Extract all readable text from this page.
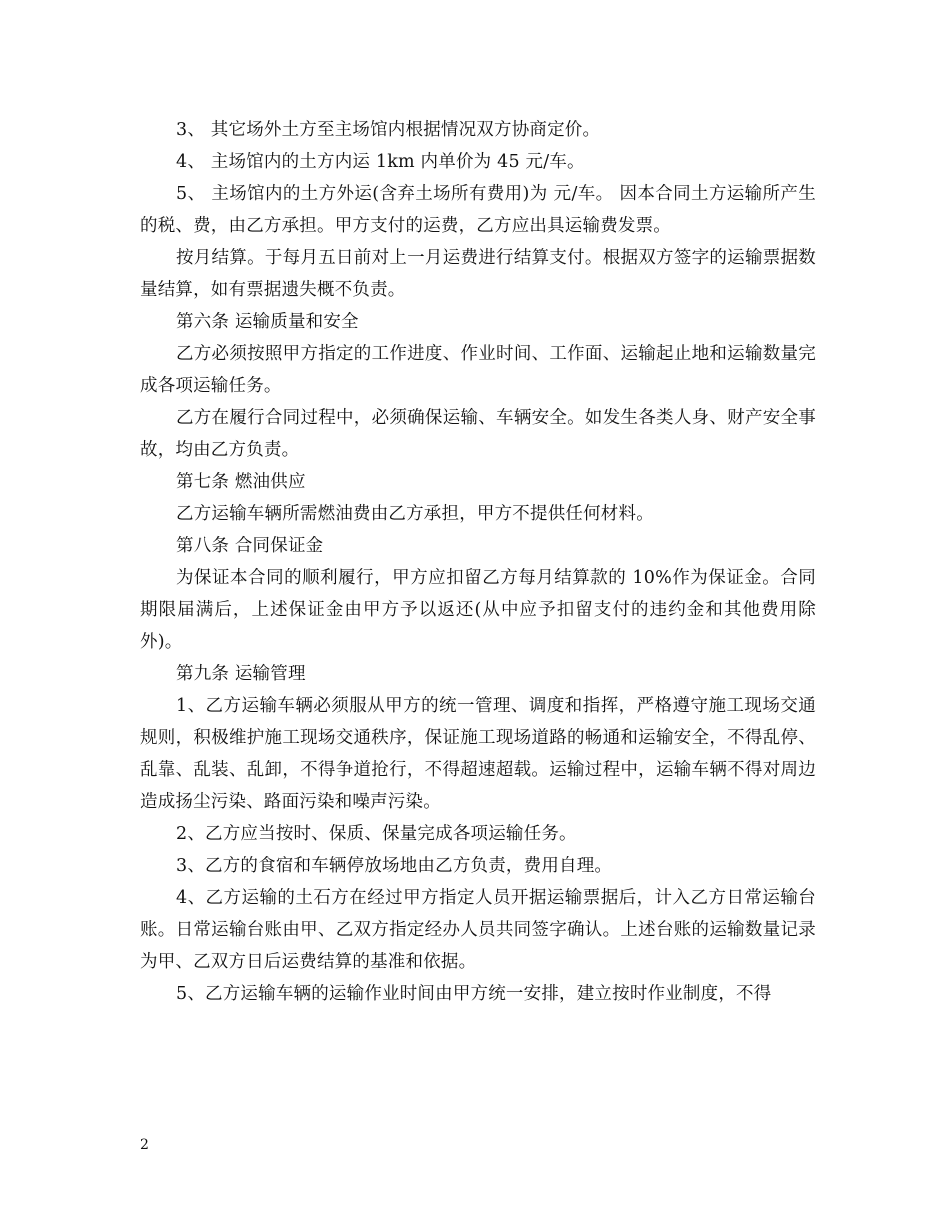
3、 其它场外土方至主场馆内根据情况双方协商定价。

4、 主场馆内的土方内运 1km 内单价为 45 元/车。

5、 主场馆内的土方外运(含弃土场所有费用)为 元/车。 因本合同土方运输所产生的税、费，由乙方承担。甲方支付的运费，乙方应出具运输费发票。

按月结算。于每月五日前对上一月运费进行结算支付。根据双方签字的运输票据数量结算，如有票据遗失概不负责。

第六条 运输质量和安全

乙方必须按照甲方指定的工作进度、作业时间、工作面、运输起止地和运输数量完成各项运输任务。

乙方在履行合同过程中，必须确保运输、车辆安全。如发生各类人身、财产安全事故，均由乙方负责。

第七条 燃油供应

乙方运输车辆所需燃油费由乙方承担，甲方不提供任何材料。

第八条 合同保证金

为保证本合同的顺利履行，甲方应扣留乙方每月结算款的 10%作为保证金。合同期限届满后，上述保证金由甲方予以返还(从中应予扣留支付的违约金和其他费用除外)。

第九条 运输管理

1、乙方运输车辆必须服从甲方的统一管理、调度和指挥，严格遵守施工现场交通规则，积极维护施工现场交通秩序，保证施工现场道路的畅通和运输安全，不得乱停、乱靠、乱装、乱卸，不得争道抢行，不得超速超载。运输过程中，运输车辆不得对周边造成扬尘污染、路面污染和噪声污染。

2、乙方应当按时、保质、保量完成各项运输任务。

3、乙方的食宿和车辆停放场地由乙方负责，费用自理。

4、乙方运输的土石方在经过甲方指定人员开据运输票据后，计入乙方日常运输台账。日常运输台账由甲、乙双方指定经办人员共同签字确认。上述台账的运输数量记录为甲、乙双方日后运费结算的基准和依据。

5、乙方运输车辆的运输作业时间由甲方统一安排，建立按时作业制度，不得

2
